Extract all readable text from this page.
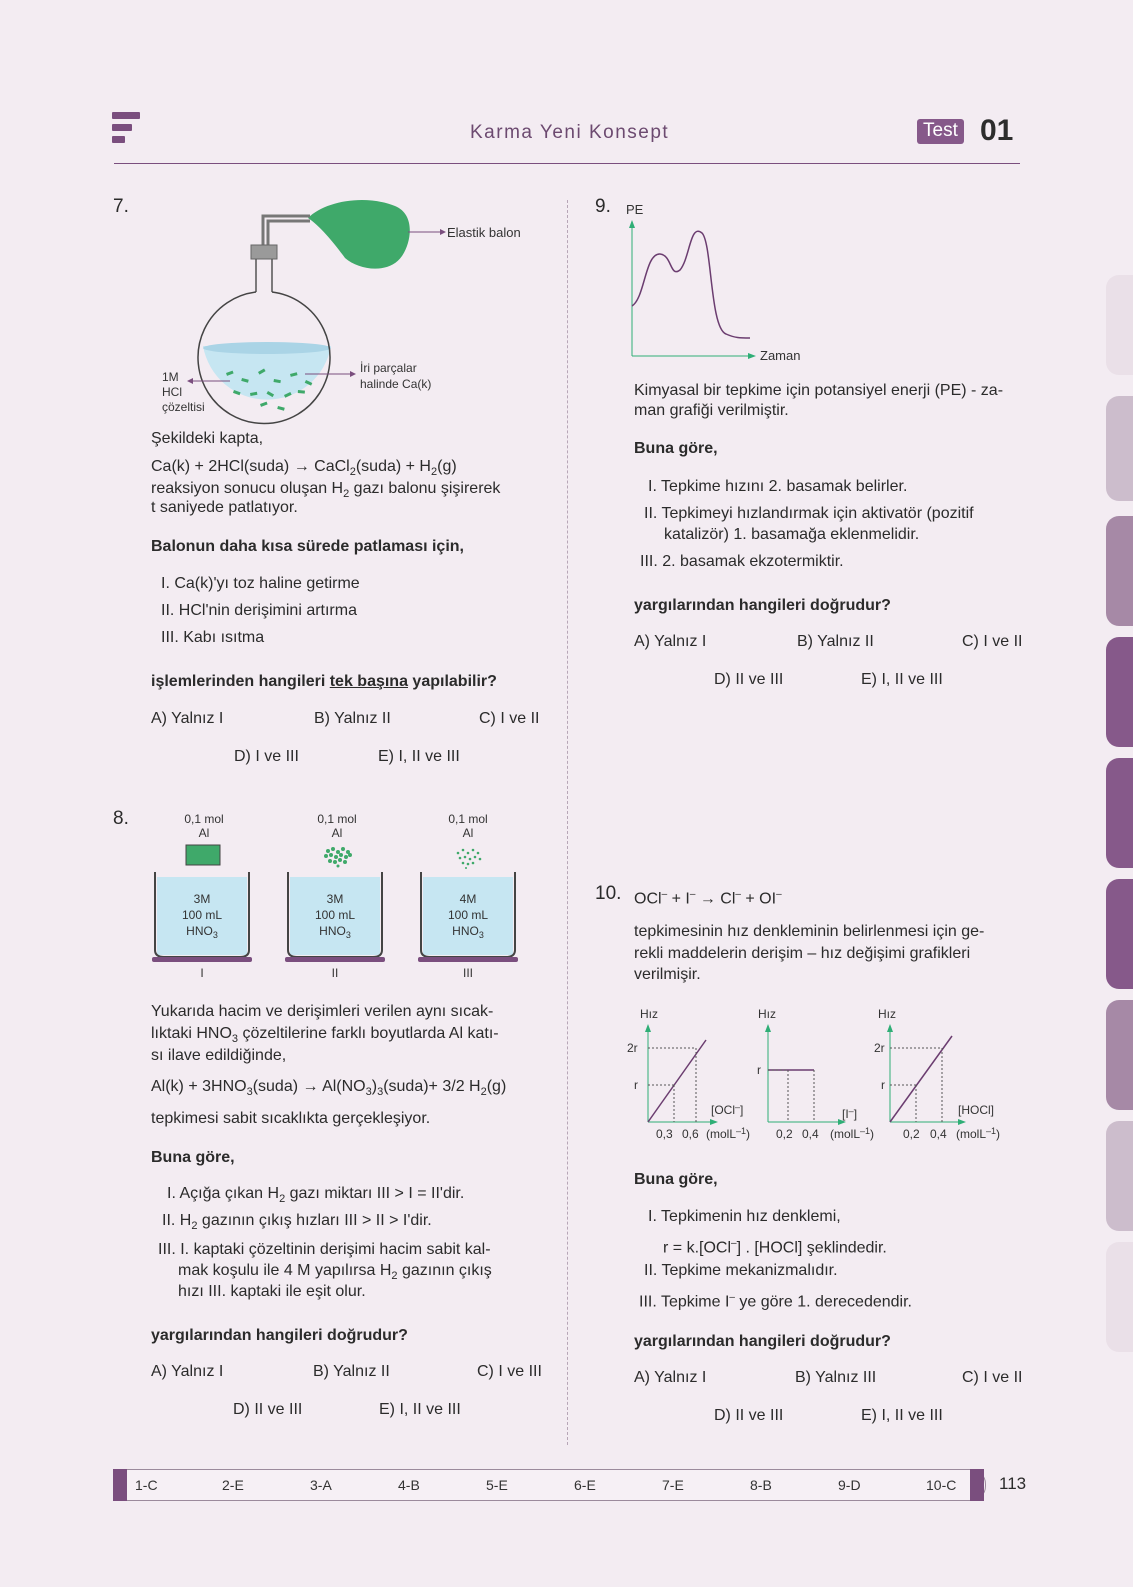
Karma Yeni Konsept	Test 01
7.
Elastik balon
1M
HCl
çözeltisi
İri parçalar
halinde Ca(k)
Şekildeki kapta,
Ca(k) + 2HCl(suda) → CaCl$_2$(suda) + $H_2(g)$
reaksiyon sonucu oluşan $H_2$ gazı balonu şişirerek
t saniyede patlatıyor.
Balonun daha kısa sürede patlaması için,
I. Ca(k)'yı toz haline getirme
II. HCl'nin derişimini artırma
III. Kabı ısıtma
işlemlerinden hangileri tek başına yapılabilir?
A) Yalnız I	B) Yalnız II	C) I ve II
D) I ve III	E) I, II ve III
8.	0,1 mol
Al
3M
100 mL
$HNO_3$
I
0,1 mol
Al
3M
100 mL
$HNO_3$
II
0,1 mol
Al
4M
100 mL
$HNO_3$
III
Yukarıda hacim ve derişimleri verilen aynı sıcak-
lıktaki $HNO_3$ çözeltilerine farklı boyutlarda Al katı-
sı ilave edildiğinde,
$Al(k) + 3HNO_3(suda)$ → $Al(NO_3)_3(suda)+ 3/2$ $H_2(g)$
tepkimesi sabit sıcaklıkta gerçekleşiyor.
Buna göre,
I. Açığa çıkan $H_2$ gazı miktarı III > I = II'dir.
II. $H_2$ gazının çıkış hızları III > II > I'dir.
III. I. kaptaki çözeltinin derişimi hacim sabit kal-
mak koşulu ile 4 M yapılırsa $H_2$ gazının çıkış
hızı III. kaptaki ile eşit olur.
yargılarından hangileri doğrudur?
A) Yalnız I	B) Yalnız II	C) I ve III
D) II ve III	E) I, II ve III
9. PE
Zaman
Kimyasal bir tepkime için potansiyel enerji (PE) - za-
man grafiği verilmiştir.
Buna göre,
I. Tepkime hızını 2. basamak belirler.
II. Tepkimeyi hızlandırmak için aktivatör (pozitif
katalizör) 1. basamağa eklenmelidir.
III. 2. basamak ekzotermiktir.
yargılarından hangileri doğrudur?
A) Yalnız I	B) Yalnız II	C) I ve II
D) II ve III	E) I, II ve III
10. OCl– + I– → Cl– + OI–
tepkimesinin hız denkleminin belirlenmesi için ge-
rekli maddelerin derişim – hız değişimi grafikleri
verilmişir.
Hız
2r
r
0,3 0,6
[OCl–]
(molL$^{-1}$)
Hız
r
0,2 0,4
[I–]
(molL$^{-1}$)
Hız
2r
r
0,2 0,4
[HOCl]
(molL$^{-1}$)
Buna göre,
I. Tepkimenin hız denklemi,
r = k.[OCl–] . [HOCl] şeklindedir.
II. Tepkime mekanizmalıdır.
III. Tepkime I– ye göre 1. derecedendir.
yargılarından hangileri doğrudur?
A) Yalnız I	B) Yalnız III	C) I ve II
D) II ve III	E) I, II ve III
1-C	2-E	3-A	4-B	5-E	6-E	7-E	8-B	9-D	10-C	113
